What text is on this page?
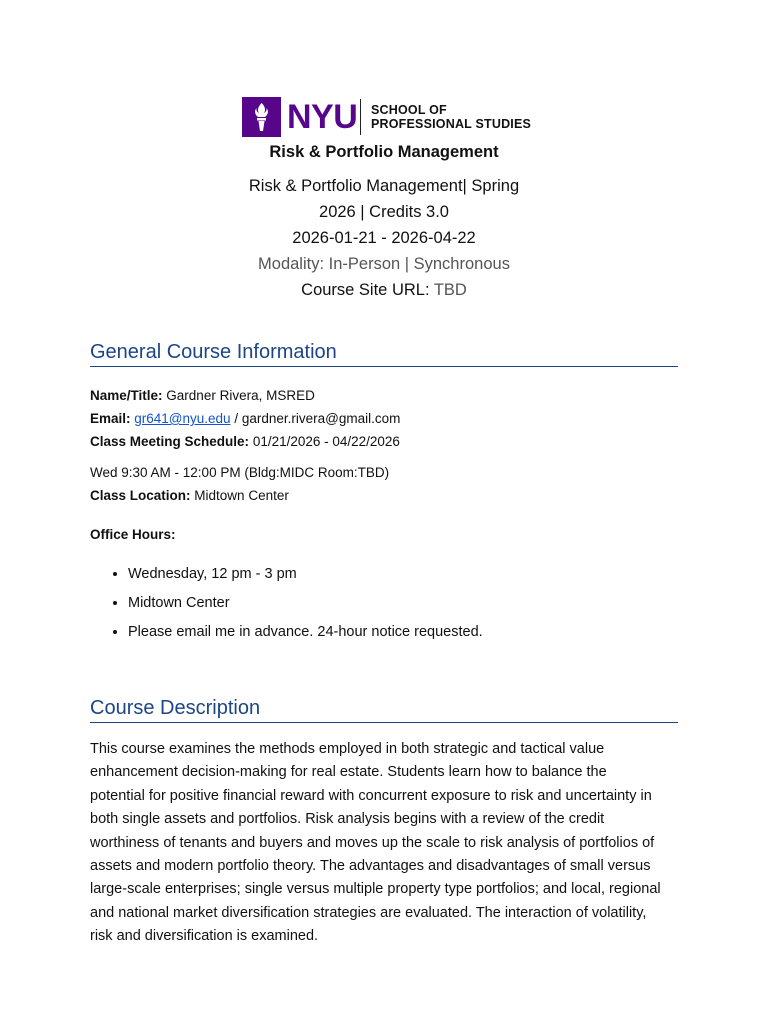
NYU SCHOOL OF
PROFESSIONAL STUDIES
Risk & Portfolio Management
Risk & Portfolio Management| Spring
2026 | Credits 3.0
2026-01-21 - 2026-04-22
Modality: In-Person | Synchronous
Course Site URL: TBD
General Course Information
Name/Title: Gardner Rivera, MSRED
Email: gr641@nyu.edu / gardner.rivera@gmail.com
Class Meeting Schedule: 01/21/2026 - 04/22/2026
Wed 9:30 AM - 12:00 PM (Bldg:MIDC Room:TBD)
Class Location: Midtown Center
Office Hours:
• Wednesday, 12 pm - 3 pm
• Midtown Center
• Please email me in advance. 24-hour notice requested.
Course Description
This course examines the methods employed in both strategic and tactical value
enhancement decision-making for real estate. Students learn how to balance the
potential for positive financial reward with concurrent exposure to risk and uncertainty in
both single assets and portfolios. Risk analysis begins with a review of the credit
worthiness of tenants and buyers and moves up the scale to risk analysis of portfolios of
assets and modern portfolio theory. The advantages and disadvantages of small versus
large-scale enterprises; single versus multiple property type portfolios; and local, regional
and national market diversification strategies are evaluated. The interaction of volatility,
risk and diversification is examined.
